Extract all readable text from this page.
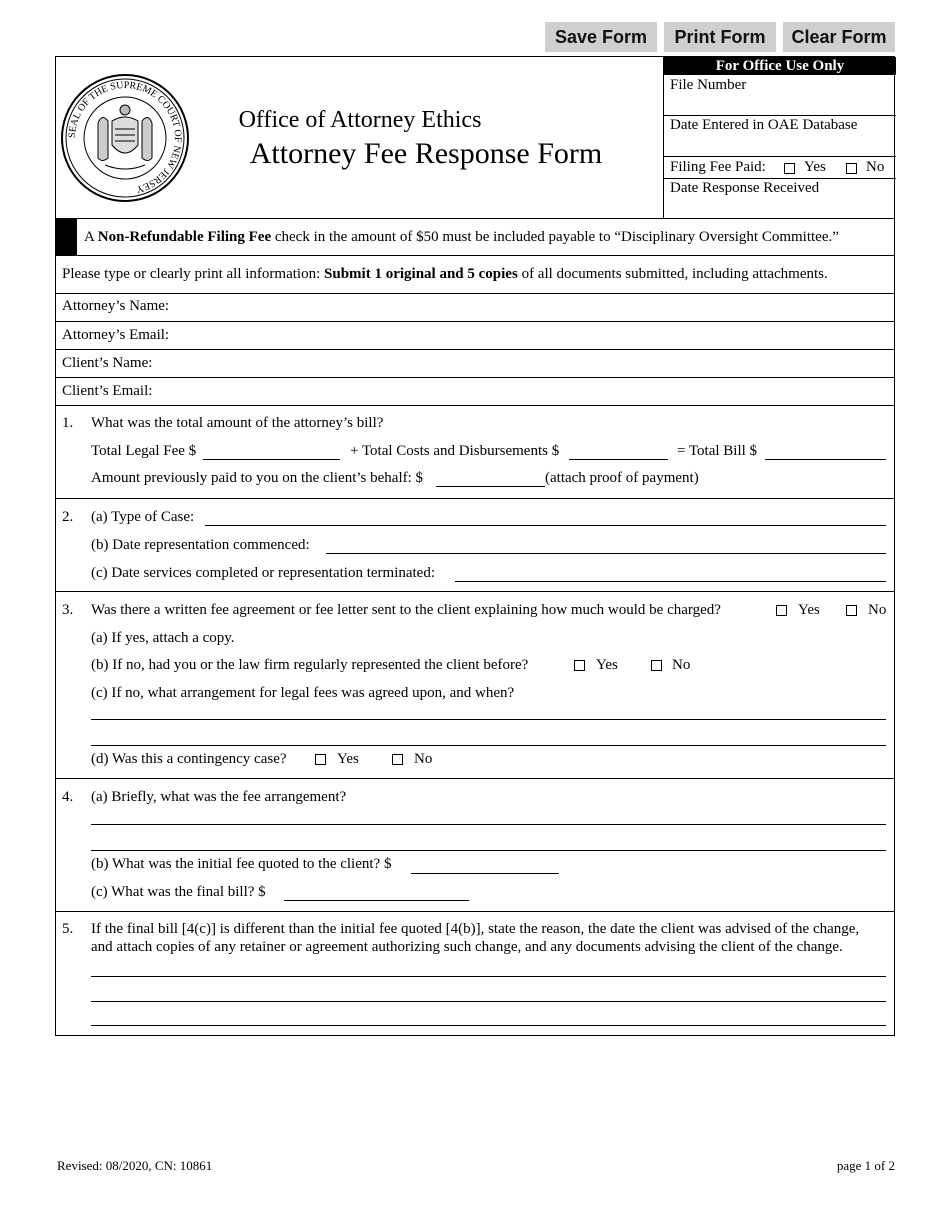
Save Form	Print Form	Clear Form
SEAL OF THE SUPREME COURT OF NEW JERSEY
Office of Attorney Ethics
Attorney Fee Response Form
For Office Use Only
File Number
Date Entered in OAE Database
Filing Fee Paid:	Yes	No
Date Response Received
A Non-Refundable Filing Fee check in the amount of $50 must be included payable to “Disciplinary Oversight Committee.”
Please type or clearly print all information: Submit 1 original and 5 copies of all documents submitted, including attachments.
Attorney’s Name:
Attorney’s Email:
Client’s Name:
Client’s Email:
1. What was the total amount of the attorney’s bill?
Total Legal Fee $	+ Total Costs and Disbursements $	= Total Bill $
Amount previously paid to you on the client’s behalf: $	(attach proof of payment)
2. (a) Type of Case:
(b) Date representation commenced:
(c) Date services completed or representation terminated:
3. Was there a written fee agreement or fee letter sent to the client explaining how much would be charged?	Yes	No
(a) If yes, attach a copy.
(b) If no, had you or the law firm regularly represented the client before?	Yes	No
(c) If no, what arrangement for legal fees was agreed upon, and when?
(d) Was this a contingency case?	Yes	No
4. (a) Briefly, what was the fee arrangement?
(b) What was the initial fee quoted to the client? $
(c) What was the final bill? $
5. If the final bill [4(c)] is different than the initial fee quoted [4(b)], state the reason, the date the client was advised of the change,
and attach copies of any retainer or agreement authorizing such change, and any documents advising the client of the change.
Revised: 08/2020, CN: 10861	page 1 of 2
